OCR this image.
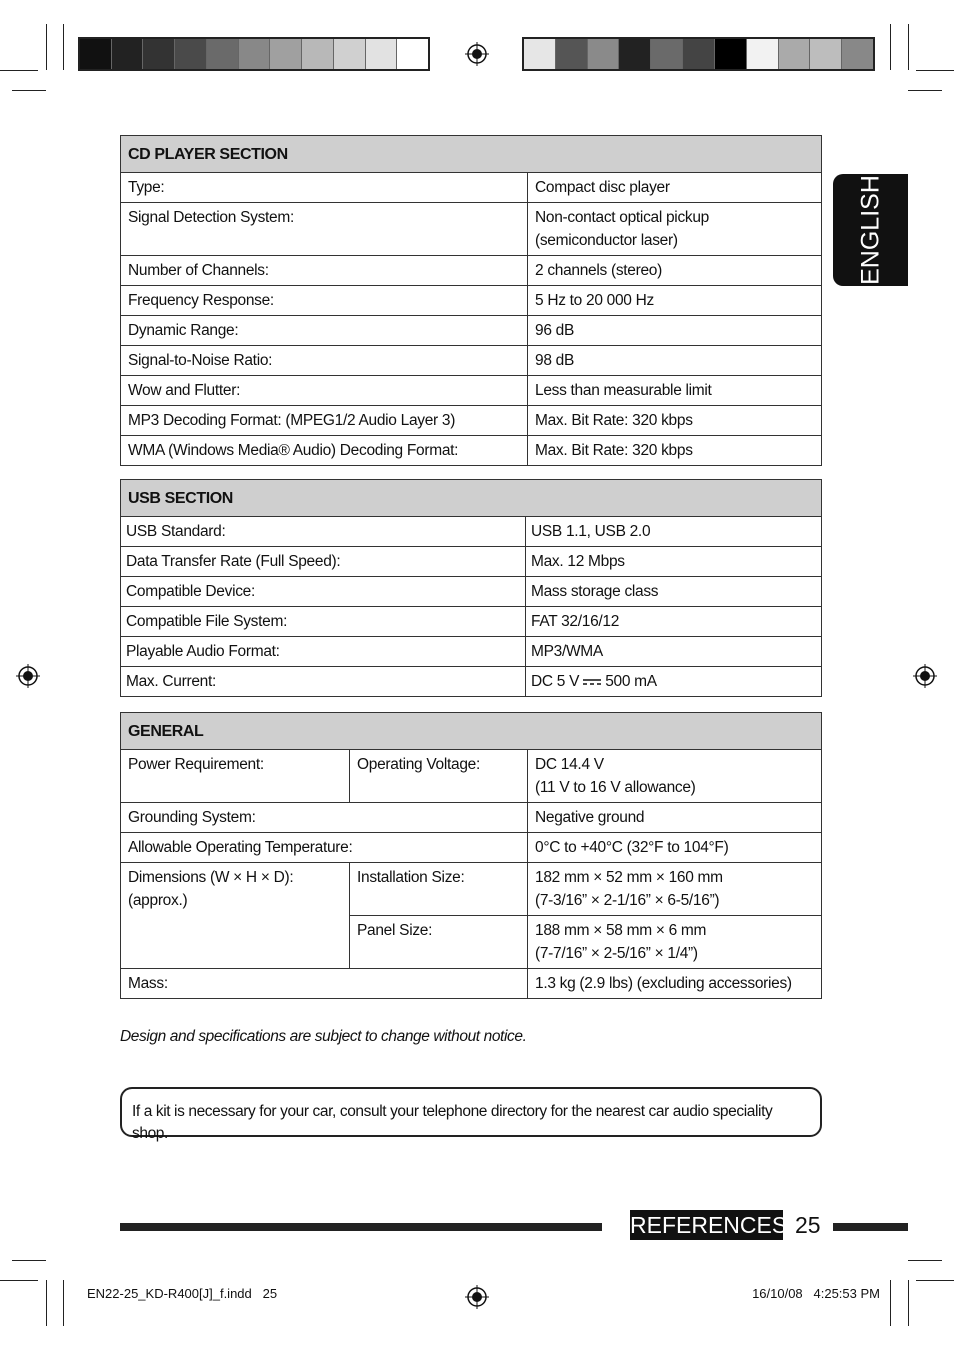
ENGLISH
CD PLAYER SECTION	
Type:	Compact disc player
Signal Detection System:	Non-contact optical pickup
(semiconductor laser)

Number of Channels:	2 channels (stereo)
Frequency Response:	5 Hz to 20 000 Hz
Dynamic Range:	96 dB
Signal-to-Noise Ratio:	98 dB
Wow and Flutter:	Less than measurable limit
MP3 Decoding Format: (MPEG1/2 Audio Layer 3)	Max. Bit Rate: 320 kbps
WMA (Windows Media® Audio) Decoding Format:	Max. Bit Rate: 320 kbps
USB SECTION	
USB Standard:	USB 1.1, USB 2.0
Data Transfer Rate (Full Speed):	Max. 12 Mbps
Compatible Device:	Mass storage class
Compatible File System:	FAT 32/16/12
Playable Audio Format:	MP3/WMA
Max. Current:	DC 5 V 500 mA
GENERAL		
Power Requirement:	Operating Voltage:	DC 14.4 V
(11 V to 16 V allowance)

Grounding System:		Negative ground
Allowable Operating Temperature:		0°C to +40°C (32°F to 104°F)
Dimensions (W × H × D): (approx.)	Installation Size:	182 mm × 52 mm × 160 mm
(7-3/16” × 2-1/16” × 6-5/16”)

	Panel Size:	188 mm × 58 mm × 6 mm
(7-7/16” × 2-5/16” × 1/4”)

Mass:		1.3 kg (2.9 lbs) (excluding accessories)
Design and specifications are subject to change without notice.
If a kit is necessary for your car, consult your telephone directory for the nearest car audio speciality shop.
REFERENCES 25
EN22-25_KD-R400[J]_f.indd   25	16/10/08   4:25:53 PM
